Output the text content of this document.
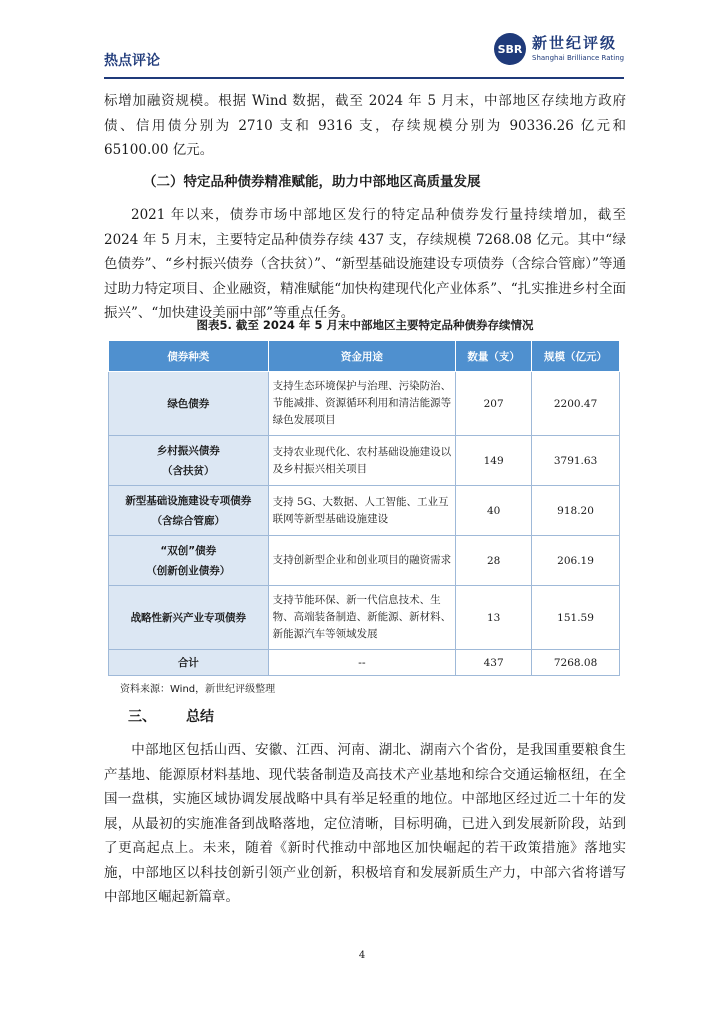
热点评论
SBR 新世纪评级
Shanghai Brilliance Rating

标增加融资规模。根据 Wind 数据，截至 2024 年 5 月末，中部地区存续地方政府债、信用债分别为 2710 支和 9316 支，存续规模分别为 90336.26 亿元和 65100.00 亿元。

（二）特定品种债券精准赋能，助力中部地区高质量发展

2021 年以来，债券市场中部地区发行的特定品种债券发行量持续增加，截至 2024 年 5 月末，主要特定品种债券存续 437 支，存续规模 7268.08 亿元。其中“绿色债券”、“乡村振兴债券（含扶贫）”、“新型基础设施建设专项债券（含综合管廊）”等通过助力特定项目、企业融资，精准赋能“加快构建现代化产业体系”、“扎实推进乡村全面振兴”、“加快建设美丽中部”等重点任务。

图表5. 截至 2024 年 5 月末中部地区主要特定品种债券存续情况
债券种类	资金用途	数量（支）	规模（亿元）
绿色债券	支持生态环境保护与治理、污染防治、节能减排、资源循环利用和清洁能源等绿色发展项目	207	2200.47
乡村振兴债券
（含扶贫）	支持农业现代化、农村基础设施建设以及乡村振兴相关项目	149	3791.63
新型基础设施建设专项债券
（含综合管廊）	支持 5G、大数据、人工智能、工业互联网等新型基础设施建设	40	918.20
“双创”债券
（创新创业债券）	支持创新型企业和创业项目的融资需求	28	206.19
战略性新兴产业专项债券	支持节能环保、新一代信息技术、生物、高端装备制造、新能源、新材料、新能源汽车等领域发展	13	151.59
合计	--	437	7268.08
资料来源：Wind，新世纪评级整理
三、 总结

中部地区包括山西、安徽、江西、河南、湖北、湖南六个省份，是我国重要粮食生产基地、能源原材料基地、现代装备制造及高技术产业基地和综合交通运输枢纽，在全国一盘棋，实施区域协调发展战略中具有举足轻重的地位。中部地区经过近二十年的发展，从最初的实施准备到战略落地，定位清晰，目标明确，已进入到发展新阶段，站到了更高起点上。未来，随着《新时代推动中部地区加快崛起的若干政策措施》落地实施，中部地区以科技创新引领产业创新，积极培育和发展新质生产力，中部六省将谱写中部地区崛起新篇章。

4
